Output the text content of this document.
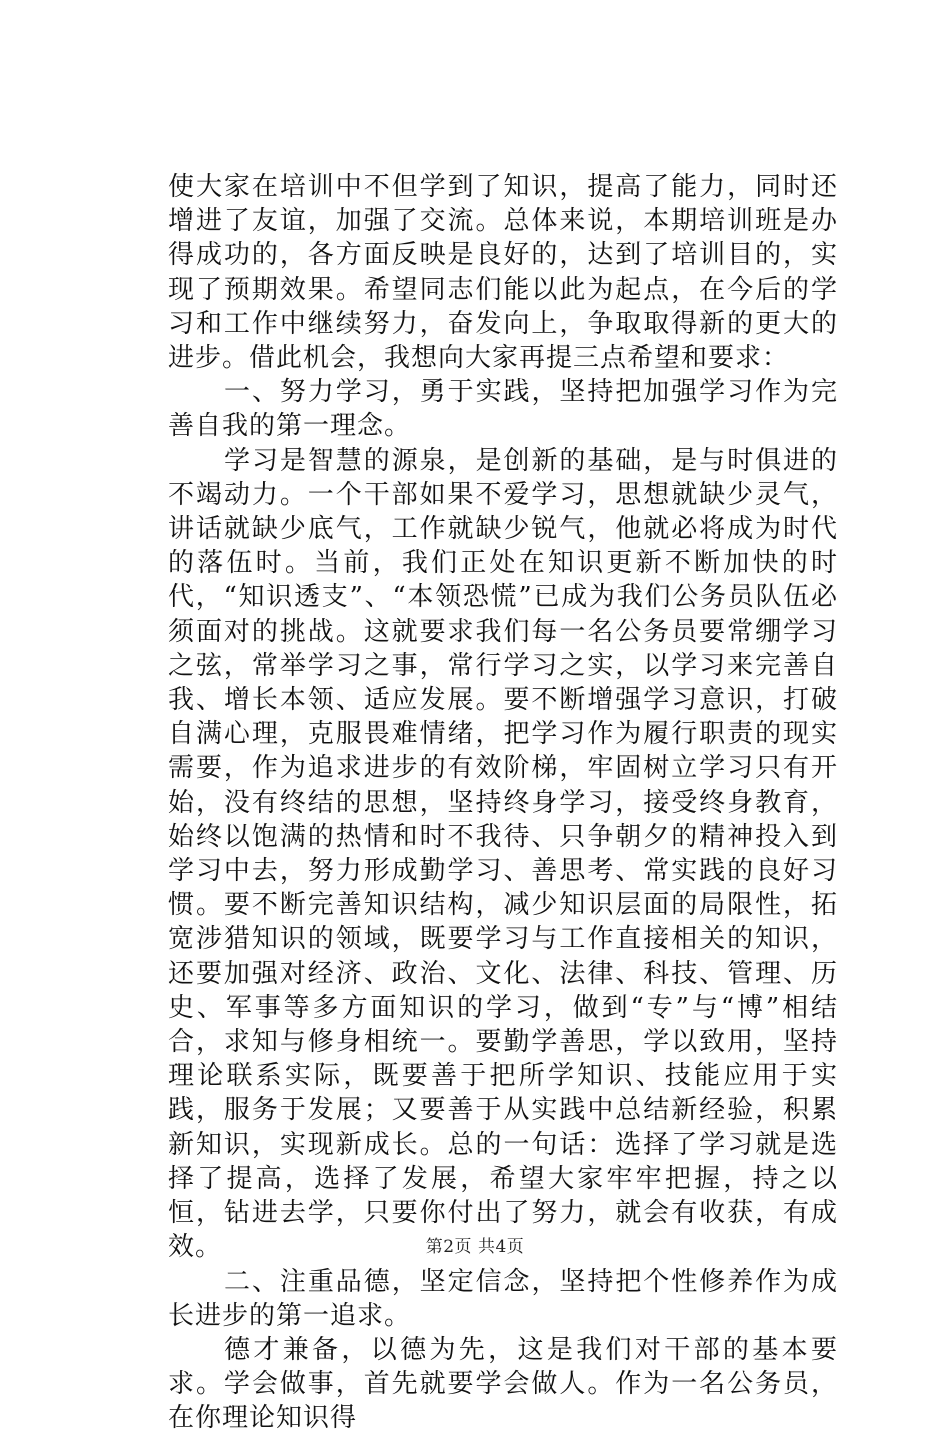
使大家在培训中不但学到了知识，提高了能力，同时还增进了友谊，加强了交流。总体来说，本期培训班是办得成功的，各方面反映是良好的，达到了培训目的，实现了预期效果。希望同志们能以此为起点，在今后的学习和工作中继续努力，奋发向上，争取取得新的更大的进步。借此机会，我想向大家再提三点希望和要求：

一、努力学习，勇于实践，坚持把加强学习作为完善自我的第一理念。

学习是智慧的源泉，是创新的基础，是与时俱进的不竭动力。一个干部如果不爱学习，思想就缺少灵气，讲话就缺少底气，工作就缺少锐气，他就必将成为时代的落伍时。当前，我们正处在知识更新不断加快的时代，“知识透支”、“本领恐慌”已成为我们公务员队伍必须面对的挑战。这就要求我们每一名公务员要常绷学习之弦，常举学习之事，常行学习之实，以学习来完善自我、增长本领、适应发展。要不断增强学习意识，打破自满心理，克服畏难情绪，把学习作为履行职责的现实需要，作为追求进步的有效阶梯，牢固树立学习只有开始，没有终结的思想，坚持终身学习，接受终身教育，始终以饱满的热情和时不我待、只争朝夕的精神投入到学习中去，努力形成勤学习、善思考、常实践的良好习惯。要不断完善知识结构，减少知识层面的局限性，拓宽涉猎知识的领域，既要学习与工作直接相关的知识，还要加强对经济、政治、文化、法律、科技、管理、历史、军事等多方面知识的学习，做到“专”与“博”相结合，求知与修身相统一。要勤学善思，学以致用，坚持理论联系实际，既要善于把所学知识、技能应用于实践，服务于发展；又要善于从实践中总结新经验，积累新知识，实现新成长。总的一句话：选择了学习就是选择了提高，选择了发展，希望大家牢牢把握，持之以恒，钻进去学，只要你付出了努力，就会有收获，有成效。

二、注重品德，坚定信念，坚持把个性修养作为成长进步的第一追求。

德才兼备，以德为先，这是我们对干部的基本要求。学会做事，首先就要学会做人。作为一名公务员，在你理论知识得

第2页 共4页
